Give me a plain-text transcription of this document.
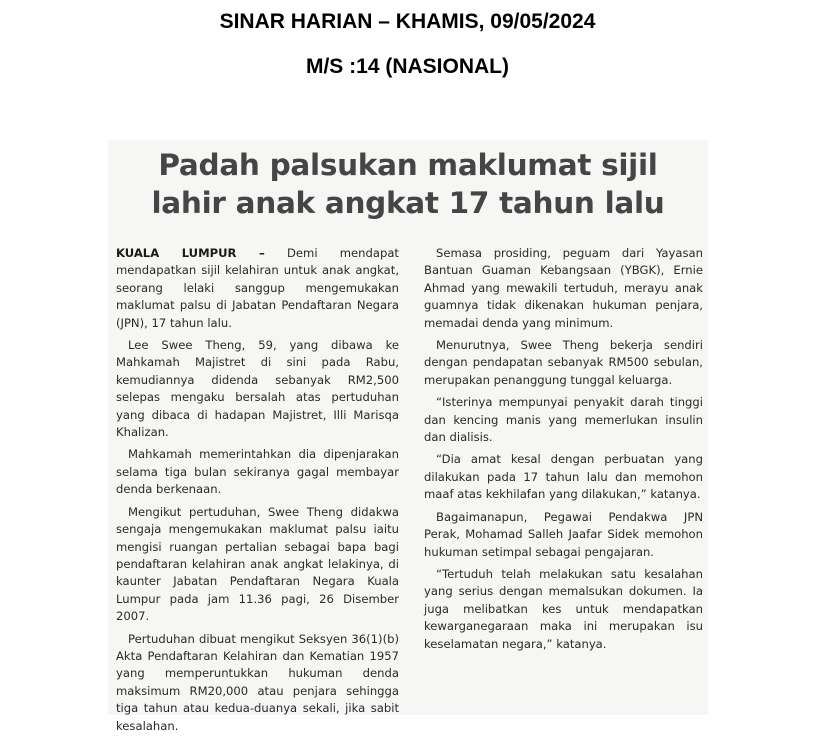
SINAR HARIAN – KHAMIS, 09/05/2024
M/S :14 (NASIONAL)
Padah palsukan maklumat sijil
lahir anak angkat 17 tahun lalu

KUALA LUMPUR – Demi mendapat mendapatkan sijil kelahiran untuk anak angkat, seorang lelaki sanggup mengemukakan maklumat palsu di Jabatan Pendaftaran Negara (JPN), 17 tahun lalu.

Lee Swee Theng, 59, yang dibawa ke Mahkamah Majistret di sini pada Rabu, kemudiannya didenda sebanyak RM2,500 selepas mengaku bersalah atas pertuduhan yang dibaca di hadapan Majistret, Illi Marisqa Khalizan.

Mahkamah memerintahkan dia dipenjarakan selama tiga bulan sekiranya gagal membayar denda berkenaan.

Mengikut pertuduhan, Swee Theng didakwa sengaja mengemukakan maklumat palsu iaitu mengisi ruangan pertalian sebagai bapa bagi pendaftaran kelahiran anak angkat lelakinya, di kaunter Jabatan Pendaftaran Negara Kuala Lumpur pada jam 11.36 pagi, 26 Disember 2007.

Pertuduhan dibuat mengikut Seksyen 36(1)(b) Akta Pendaftaran Kelahiran dan Kematian 1957 yang memperuntukkan hukuman denda maksimum RM20,000 atau penjara sehingga tiga tahun atau kedua-duanya sekali, jika sabit kesalahan.

Semasa prosiding, peguam dari Yayasan Bantuan Guaman Kebangsaan (YBGK), Ernie Ahmad yang mewakili tertuduh, merayu anak guamnya tidak dikenakan hukuman penjara, memadai denda yang minimum.

Menurutnya, Swee Theng bekerja sendiri dengan pendapatan sebanyak RM500 sebulan, merupakan penanggung tunggal keluarga.

“Isterinya mempunyai penyakit darah tinggi dan kencing manis yang memerlukan insulin dan dialisis.

“Dia amat kesal dengan perbuatan yang dilakukan pada 17 tahun lalu dan memohon maaf atas kekhilafan yang dilakukan,” katanya.

Bagaimanapun, Pegawai Pendakwa JPN Perak, Mohamad Salleh Jaafar Sidek memohon hukuman setimpal sebagai pengajaran.

“Tertuduh telah melakukan satu kesalahan yang serius dengan memalsukan dokumen. Ia juga melibatkan kes untuk mendapatkan kewarganegaraan maka ini merupakan isu keselamatan negara,” katanya.
